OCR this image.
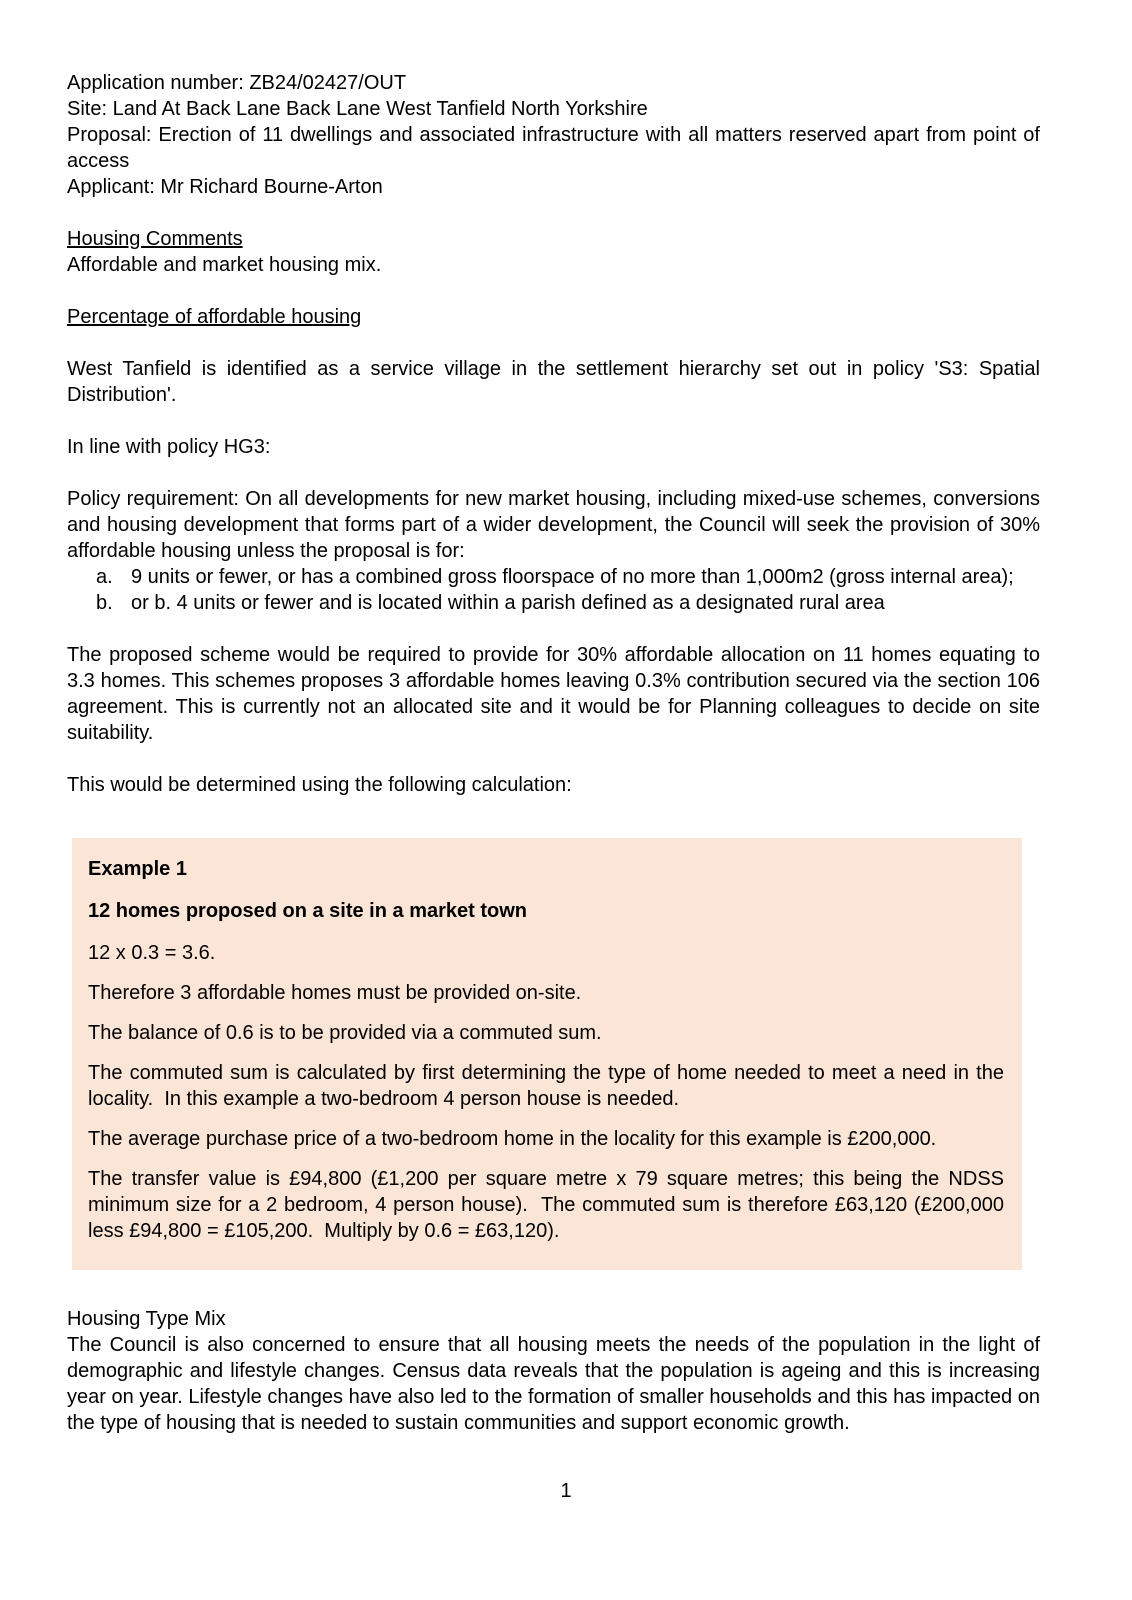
Application number: ZB24/02427/OUT
Site: Land At Back Lane Back Lane West Tanfield North Yorkshire
Proposal: Erection of 11 dwellings and associated infrastructure with all matters reserved apart from point of access
Applicant: Mr Richard Bourne-Arton
Housing Comments
Affordable and market housing mix.
Percentage of affordable housing
West Tanfield is identified as a service village in the settlement hierarchy set out in policy 'S3: Spatial Distribution'.
In line with policy HG3:
Policy requirement: On all developments for new market housing, including mixed-use schemes, conversions and housing development that forms part of a wider development, the Council will seek the provision of 30% affordable housing unless the proposal is for:
a. 9 units or fewer, or has a combined gross floorspace of no more than 1,000m2 (gross internal area);
b. or b. 4 units or fewer and is located within a parish defined as a designated rural area
The proposed scheme would be required to provide for 30% affordable allocation on 11 homes equating to 3.3 homes. This schemes proposes 3 affordable homes leaving 0.3% contribution secured via the section 106 agreement. This is currently not an allocated site and it would be for Planning colleagues to decide on site suitability.
This would be determined using the following calculation:
Example 1
12 homes proposed on a site in a market town
12 x 0.3 = 3.6.
Therefore 3 affordable homes must be provided on-site.
The balance of 0.6 is to be provided via a commuted sum.
The commuted sum is calculated by first determining the type of home needed to meet a need in the locality.  In this example a two-bedroom 4 person house is needed.
The average purchase price of a two-bedroom home in the locality for this example is £200,000.
The transfer value is £94,800 (£1,200 per square metre x 79 square metres; this being the NDSS minimum size for a 2 bedroom, 4 person house).  The commuted sum is therefore £63,120 (£200,000 less £94,800 = £105,200.  Multiply by 0.6 = £63,120).
Housing Type Mix
The Council is also concerned to ensure that all housing meets the needs of the population in the light of demographic and lifestyle changes. Census data reveals that the population is ageing and this is increasing year on year. Lifestyle changes have also led to the formation of smaller households and this has impacted on the type of housing that is needed to sustain communities and support economic growth.
1
